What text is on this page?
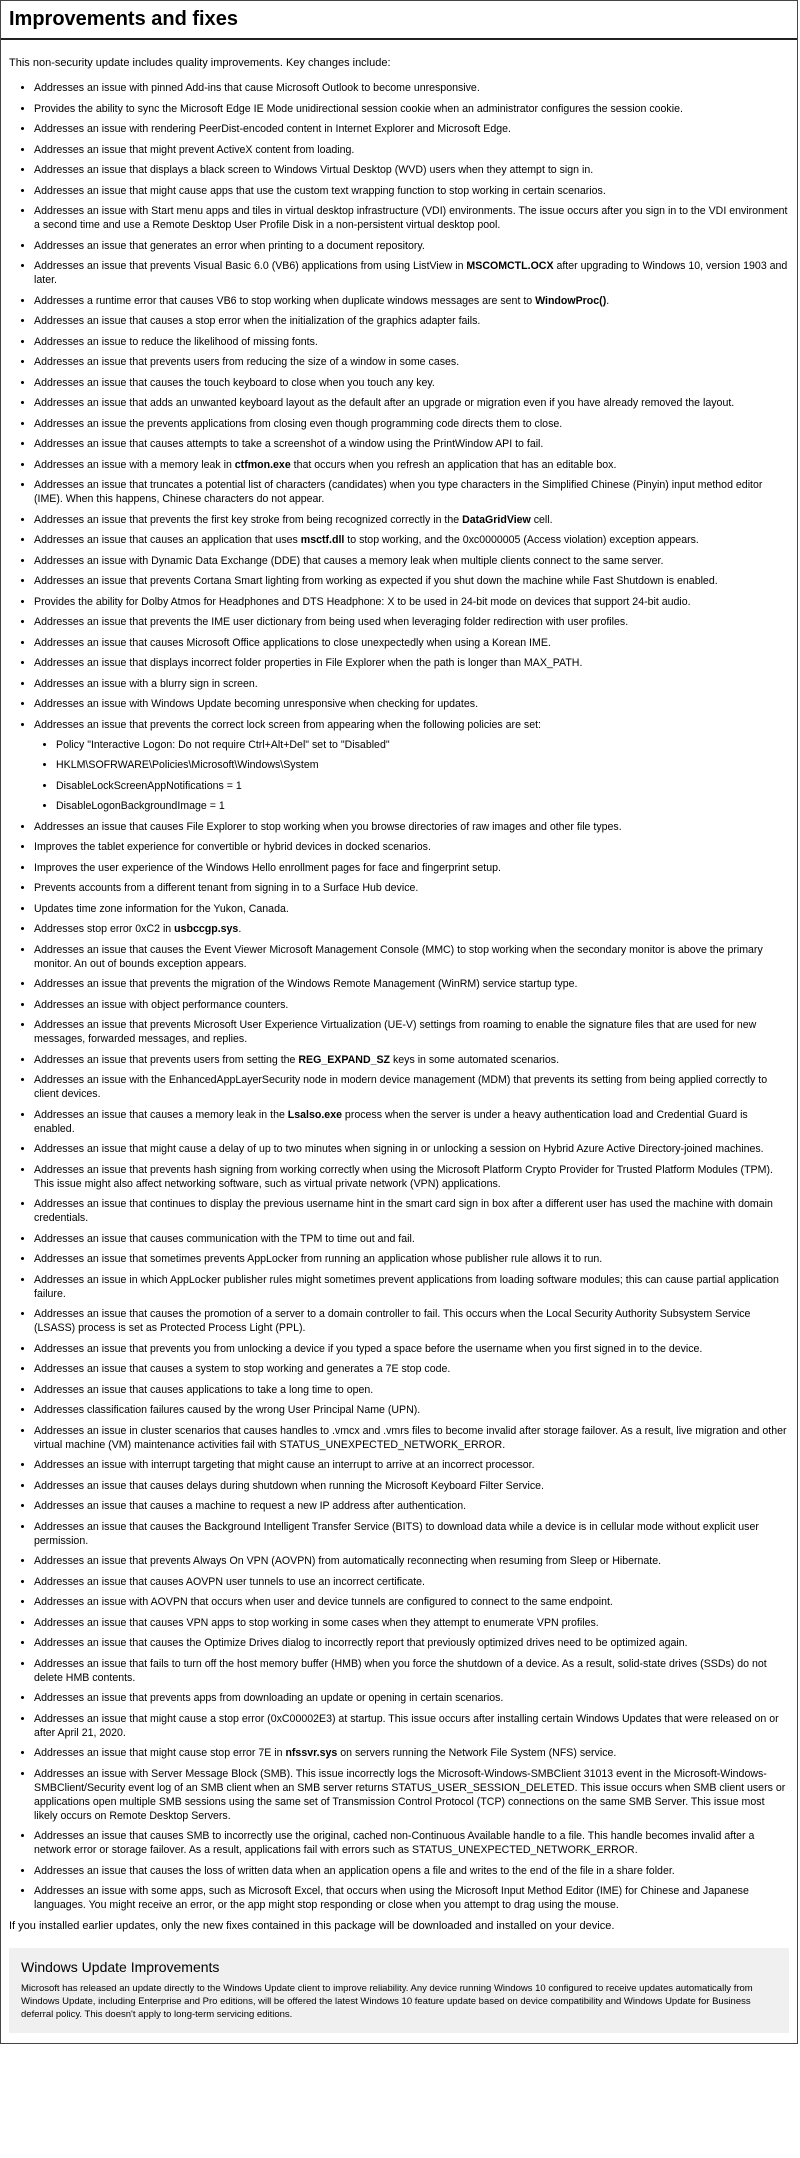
Improvements and fixes

This non-security update includes quality improvements. Key changes include:

• Addresses an issue with pinned Add-ins that cause Microsoft Outlook to become unresponsive.
• Provides the ability to sync the Microsoft Edge IE Mode unidirectional session cookie when an administrator configures the session cookie.
• Addresses an issue with rendering PeerDist-encoded content in Internet Explorer and Microsoft Edge.
• Addresses an issue that might prevent ActiveX content from loading.
• Addresses an issue that displays a black screen to Windows Virtual Desktop (WVD) users when they attempt to sign in.
• Addresses an issue that might cause apps that use the custom text wrapping function to stop working in certain scenarios.
• Addresses an issue with Start menu apps and tiles in virtual desktop infrastructure (VDI) environments. The issue occurs after you sign in to the VDI environment a second time and use a Remote Desktop User Profile Disk in a non-persistent virtual desktop pool.
• Addresses an issue that generates an error when printing to a document repository.
• Addresses an issue that prevents Visual Basic 6.0 (VB6) applications from using ListView in MSCOMCTL.OCX after upgrading to Windows 10, version 1903 and later.
• Addresses a runtime error that causes VB6 to stop working when duplicate windows messages are sent to WindowProc().
• Addresses an issue that causes a stop error when the initialization of the graphics adapter fails.
• Addresses an issue to reduce the likelihood of missing fonts.
• Addresses an issue that prevents users from reducing the size of a window in some cases.
• Addresses an issue that causes the touch keyboard to close when you touch any key.
• Addresses an issue that adds an unwanted keyboard layout as the default after an upgrade or migration even if you have already removed the layout.
• Addresses an issue the prevents applications from closing even though programming code directs them to close.
• Addresses an issue that causes attempts to take a screenshot of a window using the PrintWindow API to fail.
• Addresses an issue with a memory leak in ctfmon.exe that occurs when you refresh an application that has an editable box.
• Addresses an issue that truncates a potential list of characters (candidates) when you type characters in the Simplified Chinese (Pinyin) input method editor (IME). When this happens, Chinese characters do not appear.
• Addresses an issue that prevents the first key stroke from being recognized correctly in the DataGridView cell.
• Addresses an issue that causes an application that uses msctf.dll to stop working, and the 0xc0000005 (Access violation) exception appears.
• Addresses an issue with Dynamic Data Exchange (DDE) that causes a memory leak when multiple clients connect to the same server.
• Addresses an issue that prevents Cortana Smart lighting from working as expected if you shut down the machine while Fast Shutdown is enabled.
• Provides the ability for Dolby Atmos for Headphones and DTS Headphone: X to be used in 24-bit mode on devices that support 24-bit audio.
• Addresses an issue that prevents the IME user dictionary from being used when leveraging folder redirection with user profiles.
• Addresses an issue that causes Microsoft Office applications to close unexpectedly when using a Korean IME.
• Addresses an issue that displays incorrect folder properties in File Explorer when the path is longer than MAX_PATH.
• Addresses an issue with a blurry sign in screen.
• Addresses an issue with Windows Update becoming unresponsive when checking for updates.
• Addresses an issue that prevents the correct lock screen from appearing when the following policies are set:
• Policy "Interactive Logon: Do not require Ctrl+Alt+Del" set to "Disabled"
• HKLM\SOFRWARE\Policies\Microsoft\Windows\System
• DisableLockScreenAppNotifications = 1
• DisableLogonBackgroundImage = 1
• Addresses an issue that causes File Explorer to stop working when you browse directories of raw images and other file types.
• Improves the tablet experience for convertible or hybrid devices in docked scenarios.
• Improves the user experience of the Windows Hello enrollment pages for face and fingerprint setup.
• Prevents accounts from a different tenant from signing in to a Surface Hub device.
• Updates time zone information for the Yukon, Canada.
• Addresses stop error 0xC2 in usbccgp.sys.
• Addresses an issue that causes the Event Viewer Microsoft Management Console (MMC) to stop working when the secondary monitor is above the primary monitor. An out of bounds exception appears.
• Addresses an issue that prevents the migration of the Windows Remote Management (WinRM) service startup type.
• Addresses an issue with object performance counters.
• Addresses an issue that prevents Microsoft User Experience Virtualization (UE-V) settings from roaming to enable the signature files that are used for new messages, forwarded messages, and replies.
• Addresses an issue that prevents users from setting the REG_EXPAND_SZ keys in some automated scenarios.
• Addresses an issue with the EnhancedAppLayerSecurity node in modern device management (MDM) that prevents its setting from being applied correctly to client devices.
• Addresses an issue that causes a memory leak in the Lsalso.exe process when the server is under a heavy authentication load and Credential Guard is enabled.
• Addresses an issue that might cause a delay of up to two minutes when signing in or unlocking a session on Hybrid Azure Active Directory-joined machines.
• Addresses an issue that prevents hash signing from working correctly when using the Microsoft Platform Crypto Provider for Trusted Platform Modules (TPM). This issue might also affect networking software, such as virtual private network (VPN) applications.
• Addresses an issue that continues to display the previous username hint in the smart card sign in box after a different user has used the machine with domain credentials.
• Addresses an issue that causes communication with the TPM to time out and fail.
• Addresses an issue that sometimes prevents AppLocker from running an application whose publisher rule allows it to run.
• Addresses an issue in which AppLocker publisher rules might sometimes prevent applications from loading software modules; this can cause partial application failure.
• Addresses an issue that causes the promotion of a server to a domain controller to fail. This occurs when the Local Security Authority Subsystem Service (LSASS) process is set as Protected Process Light (PPL).
• Addresses an issue that prevents you from unlocking a device if you typed a space before the username when you first signed in to the device.
• Addresses an issue that causes a system to stop working and generates a 7E stop code.
• Addresses an issue that causes applications to take a long time to open.
• Addresses classification failures caused by the wrong User Principal Name (UPN).
• Addresses an issue in cluster scenarios that causes handles to .vmcx and .vmrs files to become invalid after storage failover. As a result, live migration and other virtual machine (VM) maintenance activities fail with STATUS_UNEXPECTED_NETWORK_ERROR.
• Addresses an issue with interrupt targeting that might cause an interrupt to arrive at an incorrect processor.
• Addresses an issue that causes delays during shutdown when running the Microsoft Keyboard Filter Service.
• Addresses an issue that causes a machine to request a new IP address after authentication.
• Addresses an issue that causes the Background Intelligent Transfer Service (BITS) to download data while a device is in cellular mode without explicit user permission.
• Addresses an issue that prevents Always On VPN (AOVPN) from automatically reconnecting when resuming from Sleep or Hibernate.
• Addresses an issue that causes AOVPN user tunnels to use an incorrect certificate.
• Addresses an issue with AOVPN that occurs when user and device tunnels are configured to connect to the same endpoint.
• Addresses an issue that causes VPN apps to stop working in some cases when they attempt to enumerate VPN profiles.
• Addresses an issue that causes the Optimize Drives dialog to incorrectly report that previously optimized drives need to be optimized again.
• Addresses an issue that fails to turn off the host memory buffer (HMB) when you force the shutdown of a device. As a result, solid-state drives (SSDs) do not delete HMB contents.
• Addresses an issue that prevents apps from downloading an update or opening in certain scenarios.
• Addresses an issue that might cause a stop error (0xC00002E3) at startup. This issue occurs after installing certain Windows Updates that were released on or after April 21, 2020.
• Addresses an issue that might cause stop error 7E in nfssvr.sys on servers running the Network File System (NFS) service.
• Addresses an issue with Server Message Block (SMB). This issue incorrectly logs the Microsoft-Windows-SMBClient 31013 event in the Microsoft-Windows-SMBClient/Security event log of an SMB client when an SMB server returns STATUS_USER_SESSION_DELETED. This issue occurs when SMB client users or applications open multiple SMB sessions using the same set of Transmission Control Protocol (TCP) connections on the same SMB Server. This issue most likely occurs on Remote Desktop Servers.
• Addresses an issue that causes SMB to incorrectly use the original, cached non-Continuous Available handle to a file. This handle becomes invalid after a network error or storage failover. As a result, applications fail with errors such as STATUS_UNEXPECTED_NETWORK_ERROR.
• Addresses an issue that causes the loss of written data when an application opens a file and writes to the end of the file in a share folder.
• Addresses an issue with some apps, such as Microsoft Excel, that occurs when using the Microsoft Input Method Editor (IME) for Chinese and Japanese languages. You might receive an error, or the app might stop responding or close when you attempt to drag using the mouse.

If you installed earlier updates, only the new fixes contained in this package will be downloaded and installed on your device.

Windows Update Improvements

Microsoft has released an update directly to the Windows Update client to improve reliability. Any device running Windows 10 configured to receive updates automatically from Windows Update, including Enterprise and Pro editions, will be offered the latest Windows 10 feature update based on device compatibility and Windows Update for Business deferral policy. This doesn't apply to long-term servicing editions.
